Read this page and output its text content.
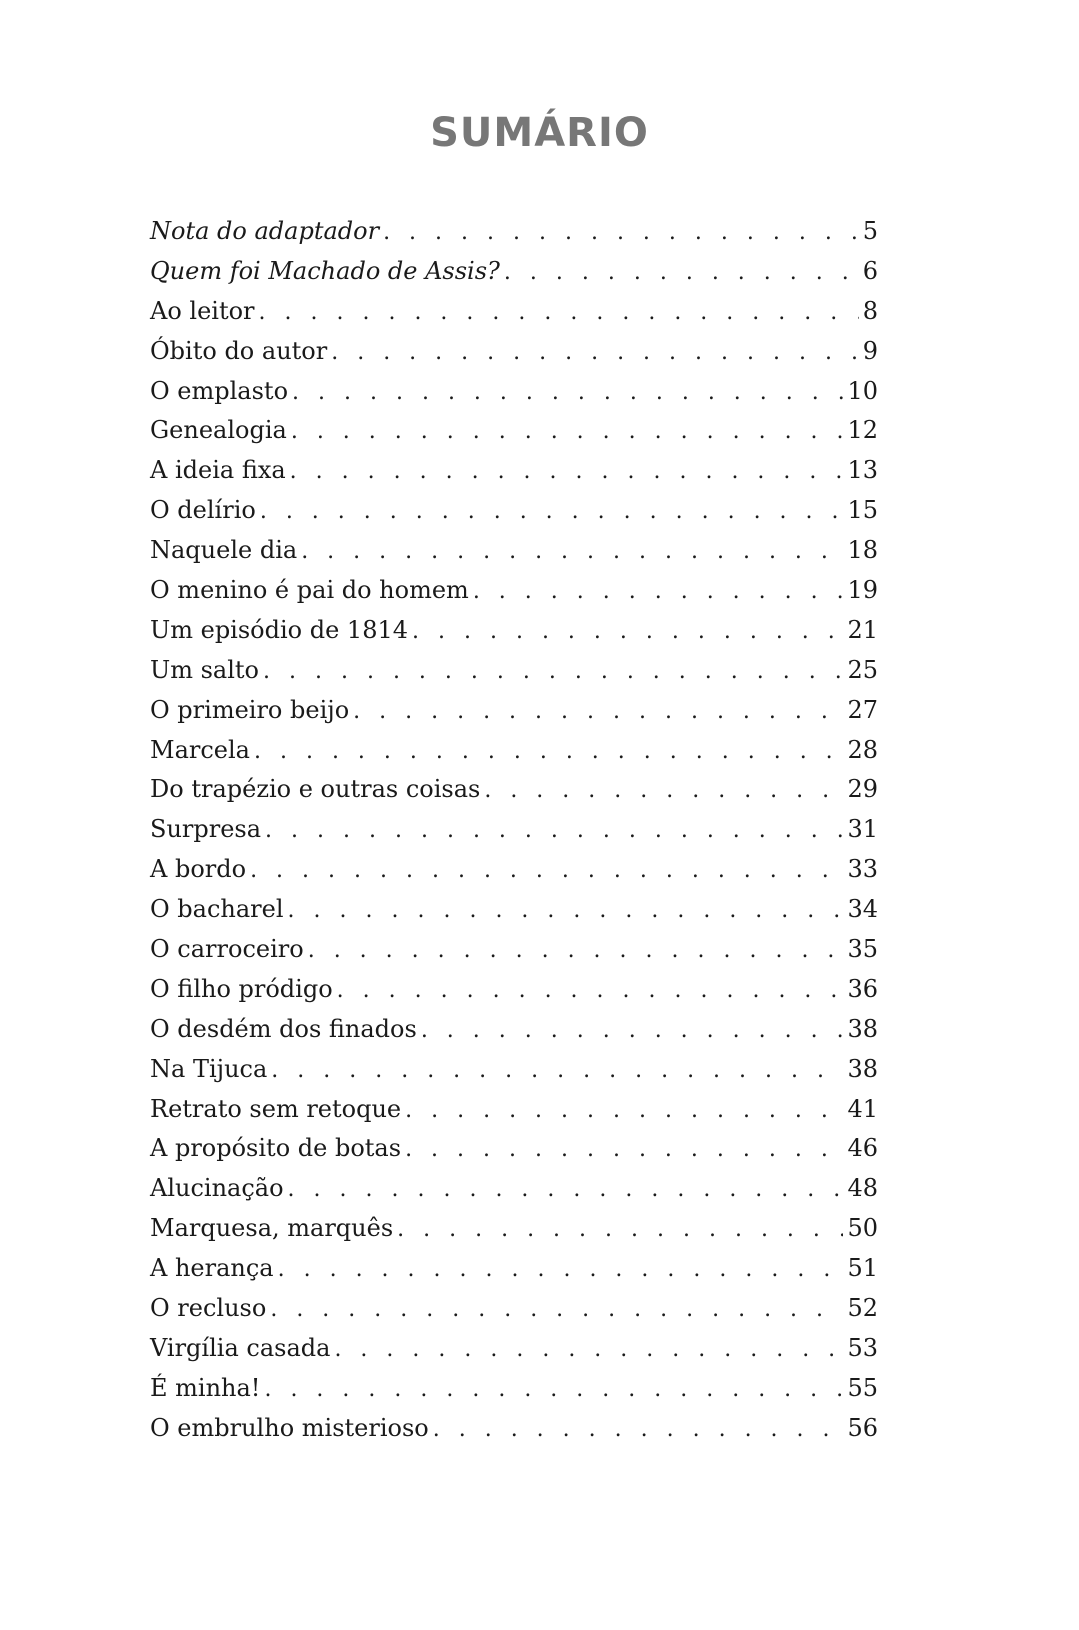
SUMÁRIO
Nota do adaptador . . .	5
Quem foi Machado de Assis? . . .	6
Ao leitor . . .	8
Óbito do autor . . .	9
O emplasto . . .	10
Genealogia . . .	12
A ideia fixa . . .	13
O delírio . . .	15
Naquele dia . . .	18
O menino é pai do homem . . .	19
Um episódio de 1814 . . .	21
Um salto . . .	25
O primeiro beijo . . .	27
Marcela . . .	28
Do trapézio e outras coisas . . .	29
Surpresa . . .	31
A bordo . . .	33
O bacharel . . .	34
O carroceiro . . .	35
O filho pródigo . . .	36
O desdém dos finados . . .	38
Na Tijuca . . .	38
Retrato sem retoque . . .	41
A propósito de botas . . .	46
Alucinação . . .	48
Marquesa, marquês . . .	50
A herança . . .	51
O recluso . . .	52
Virgília casada . . .	53
É minha! . . .	55
O embrulho misterioso . . .	56
